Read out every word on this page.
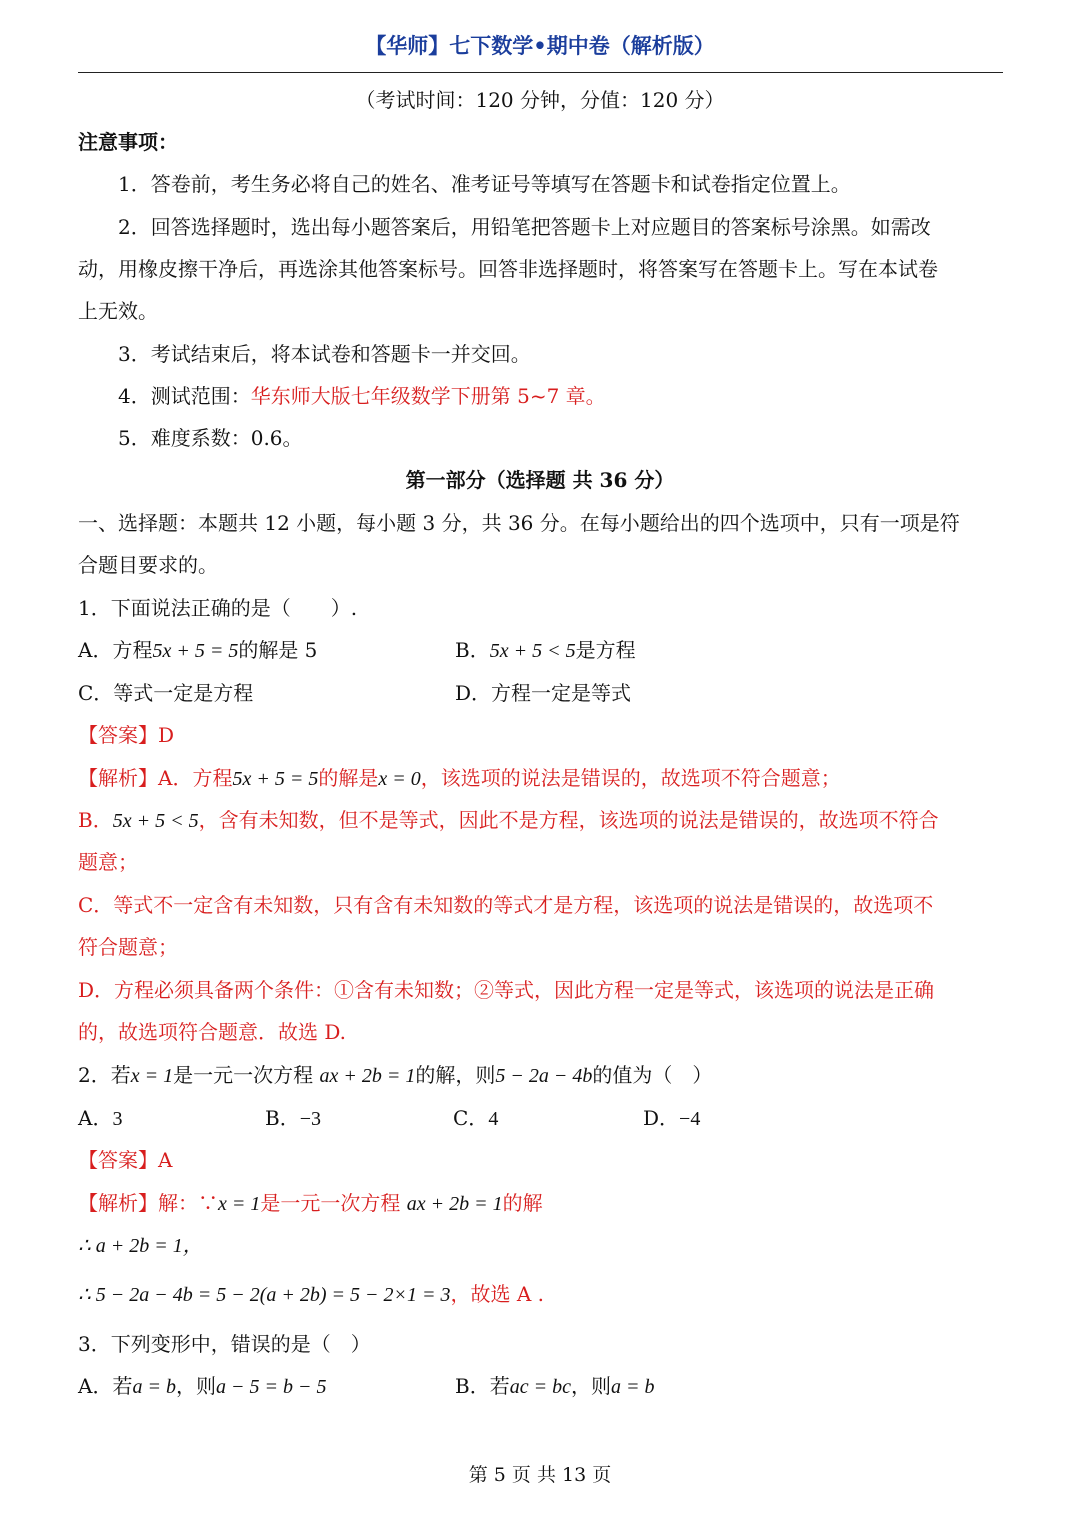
【华师】七下数学•期中卷（解析版）
（考试时间：120 分钟，分值：120 分）
注意事项：
1．答卷前，考生务必将自己的姓名、准考证号等填写在答题卡和试卷指定位置上。
2．回答选择题时，选出每小题答案后，用铅笔把答题卡上对应题目的答案标号涂黑。如需改
动，用橡皮擦干净后，再选涂其他答案标号。回答非选择题时，将答案写在答题卡上。写在本试卷
上无效。
3．考试结束后，将本试卷和答题卡一并交回。
4．测试范围：华东师大版七年级数学下册第 5~7 章。
5．难度系数：0.6。
第一部分（选择题 共 36 分）
一、选择题：本题共 12 小题，每小题 3 分，共 36 分。在每小题给出的四个选项中，只有一项是符
合题目要求的。
1．下面说法正确的是（　　）.
A．方程5x + 5 = 5的解是 5	B．5x + 5 < 5是方程
C．等式一定是方程	D．方程一定是等式
【答案】D
【解析】A．方程5x + 5 = 5的解是x = 0，该选项的说法是错误的，故选项不符合题意；
B．5x + 5 < 5，含有未知数，但不是等式，因此不是方程，该选项的说法是错误的，故选项不符合
题意；
C．等式不一定含有未知数，只有含有未知数的等式才是方程，该选项的说法是错误的，故选项不
符合题意；
D．方程必须具备两个条件：①含有未知数；②等式，因此方程一定是等式，该选项的说法是正确
的，故选项符合题意．故选 D.
2．若x = 1是一元一次方程 ax + 2b = 1的解，则5 − 2a − 4b的值为（　）
A．3	B．−3	C．4	D．−4
【答案】A
【解析】解：∵x = 1是一元一次方程 ax + 2b = 1的解
∴ a + 2b = 1，
∴ 5 − 2a − 4b = 5 − 2(a + 2b) = 5 − 2×1 = 3，故选 A .
3．下列变形中，错误的是（　）
A．若a = b，则a − 5 = b − 5	B．若ac = bc，则a = b
第 5 页 共 13 页
